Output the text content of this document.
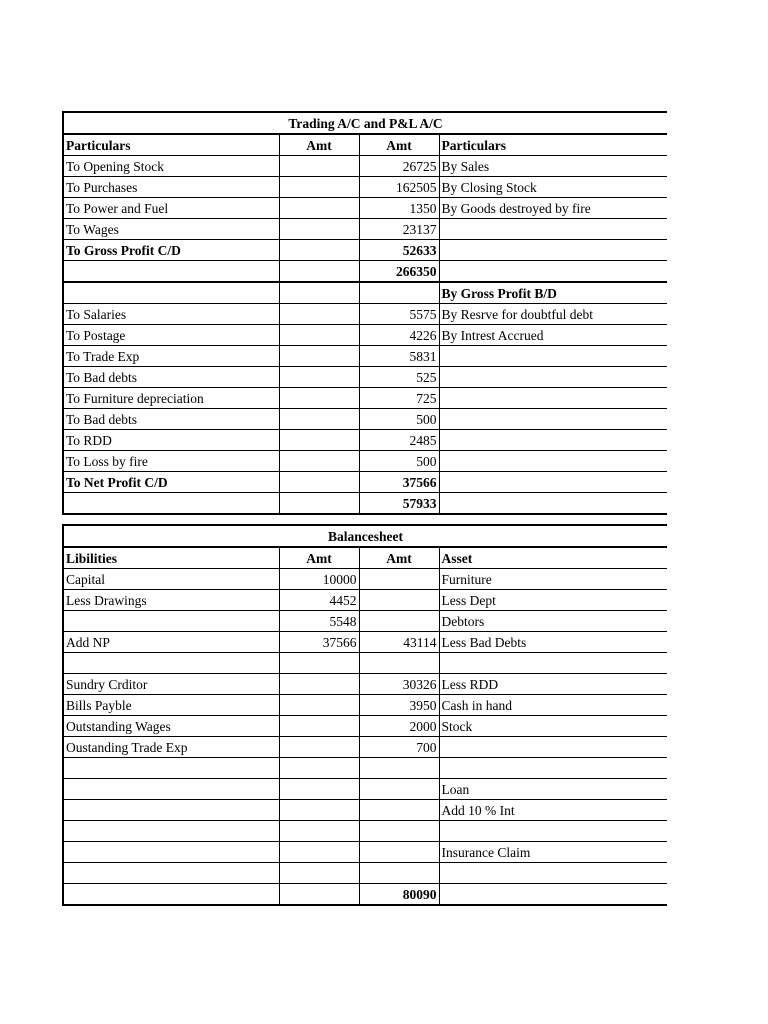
Trading A/C and P&L A/C			
Particulars	Amt	Amt	Particulars
To Opening Stock		26725	By Sales
To Purchases		162505	By Closing Stock
To Power and Fuel		1350	By Goods destroyed by fire
To Wages		23137	
To Gross Profit C/D		52633	
		266350	
			By Gross Profit B/D
To Salaries		5575	By Resrve for doubtful debt
To Postage		4226	By Intrest Accrued
To Trade Exp		5831	
To Bad debts		525	
To Furniture depreciation		725	
To Bad debts		500	
To RDD		2485	
To Loss by fire		500	
To Net Profit C/D		37566	
		57933	
Balancesheet			
Libilities	Amt	Amt	Asset
Capital	10000		Furniture
Less Drawings	4452		Less Dept
	5548		Debtors
Add NP	37566	43114	Less Bad Debts

Sundry Crditor		30326	Less RDD
Bills Payble		3950	Cash in hand
Outstanding Wages		2000	Stock
Oustanding Trade Exp		700	

			Loan
			Add 10 % Int

			Insurance Claim

		80090	
